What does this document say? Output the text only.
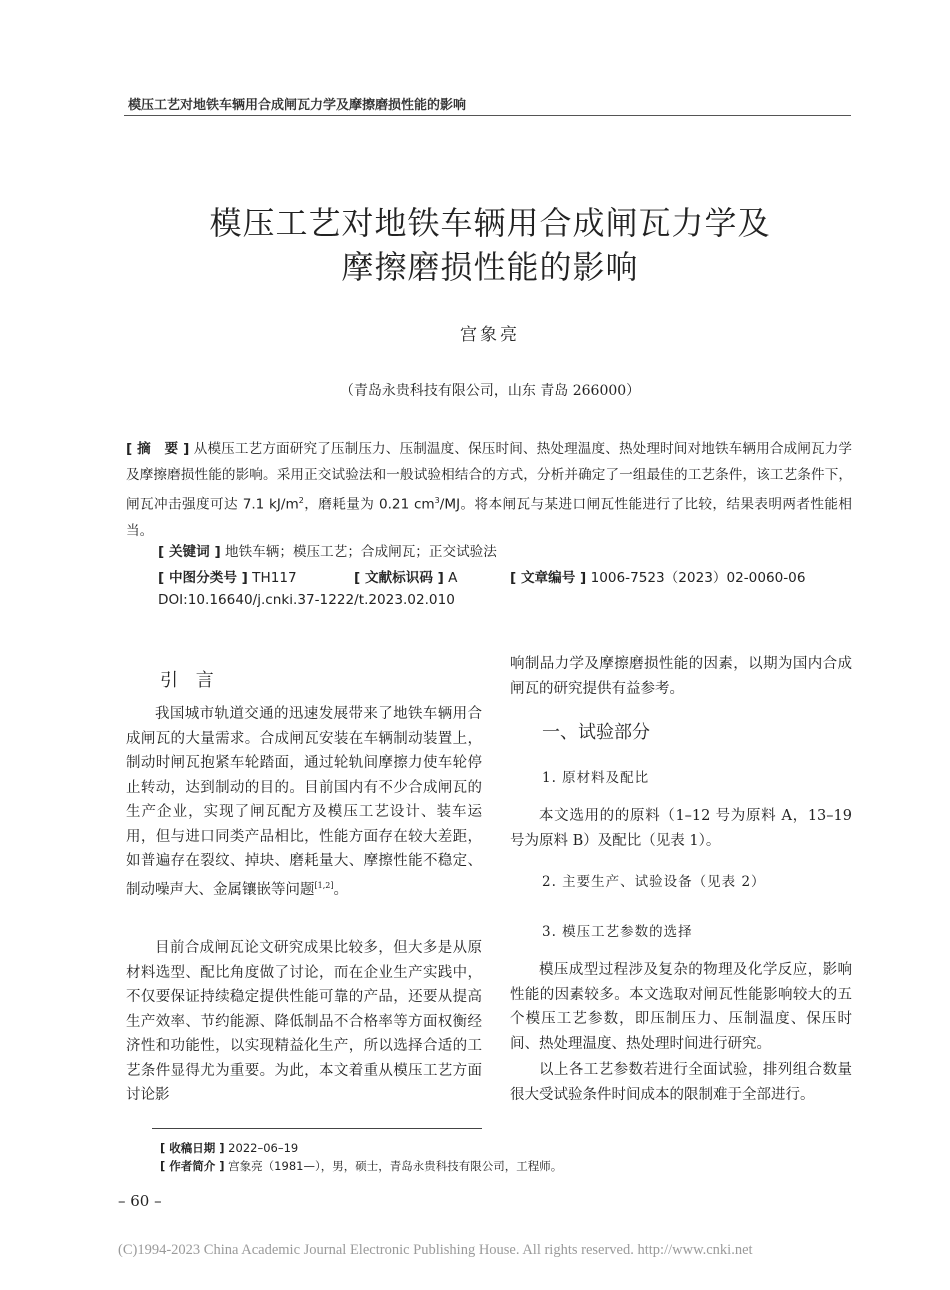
模压工艺对地铁车辆用合成闸瓦力学及摩擦磨损性能的影响
模压工艺对地铁车辆用合成闸瓦力学及
摩擦磨损性能的影响
宫象亮
（青岛永贵科技有限公司，山东 青岛 266000）

[ 摘　要 ] 从模压工艺方面研究了压制压力、压制温度、保压时间、热处理温度、热处理时间对地铁车辆用合成闸瓦力学及摩擦磨损性能的影响。采用正交试验法和一般试验相结合的方式，分析并确定了一组最佳的工艺条件，该工艺条件下，闸瓦冲击强度可达 7.1 $kJ/m^2$，磨耗量为 0.21 $cm^3/MJ$。将本闸瓦与某进口闸瓦性能进行了比较，结果表明两者性能相当。

[ 关键词 ] 地铁车辆；模压工艺；合成闸瓦；正交试验法
[ 中图分类号 ] TH117	[ 文献标识码 ] A	[ 文章编号 ] 1006-7523（2023）02-0060-06
DOI:10.16640/j.cnki.37-1222/t.2023.02.010
引 言

我国城市轨道交通的迅速发展带来了地铁车辆用合成闸瓦的大量需求。合成闸瓦安装在车辆制动装置上，制动时闸瓦抱紧车轮踏面，通过轮轨间摩擦力使车轮停止转动，达到制动的目的。目前国内有不少合成闸瓦的生产企业，实现了闸瓦配方及模压工艺设计、装车运用，但与进口同类产品相比，性能方面存在较大差距，如普遍存在裂纹、掉块、磨耗量大、摩擦性能不稳定、制动噪声大、金属镶嵌等问题[1,2]。

目前合成闸瓦论文研究成果比较多，但大多是从原材料选型、配比角度做了讨论，而在企业生产实践中，不仅要保证持续稳定提供性能可靠的产品，还要从提高生产效率、节约能源、降低制品不合格率等方面权衡经济性和功能性，以实现精益化生产，所以选择合适的工艺条件显得尤为重要。为此，本文着重从模压工艺方面讨论影

响制品力学及摩擦磨损性能的因素，以期为国内合成闸瓦的研究提供有益参考。

一、试验部分
1. 原材料及配比

本文选用的的原料（1–12 号为原料 A，13–19 号为原料 B）及配比（见表 1）。

2. 主要生产、试验设备（见表 2）
3. 模压工艺参数的选择

模压成型过程涉及复杂的物理及化学反应，影响性能的因素较多。本文选取对闸瓦性能影响较大的五个模压工艺参数，即压制压力、压制温度、保压时间、热处理温度、热处理时间进行研究。

以上各工艺参数若进行全面试验，排列组合数量很大受试验条件时间成本的限制难于全部进行。

[ 收稿日期 ] 2022–06–19
[ 作者简介 ] 宫象亮（1981—），男，硕士，青岛永贵科技有限公司，工程师。
– 60 –
(C)1994-2023 China Academic Journal Electronic Publishing House. All rights reserved. http://www.cnki.net
